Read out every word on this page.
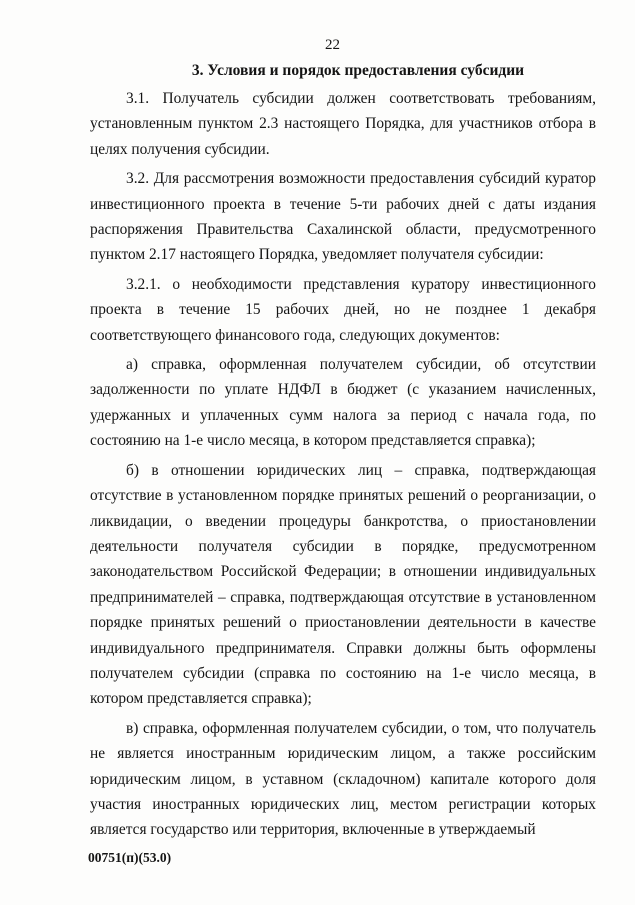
22
3. Условия и порядок предоставления субсидии

3.1. Получатель субсидии должен соответствовать требованиям, установленным пунктом 2.3 настоящего Порядка, для участников отбора в целях получения субсидии.

3.2. Для рассмотрения возможности предоставления субсидий куратор инвестиционного проекта в течение 5-ти рабочих дней с даты издания распоряжения Правительства Сахалинской области, предусмотренного пунктом 2.17 настоящего Порядка, уведомляет получателя субсидии:

3.2.1. о необходимости представления куратору инвестиционного проекта в течение 15 рабочих дней, но не позднее 1 декабря соответствующего финансового года, следующих документов:

а) справка, оформленная получателем субсидии, об отсутствии задолженности по уплате НДФЛ в бюджет (с указанием начисленных, удержанных и уплаченных сумм налога за период с начала года, по состоянию на 1-е число месяца, в котором представляется справка);

б) в отношении юридических лиц – справка, подтверждающая отсутствие в установленном порядке принятых решений о реорганизации, о ликвидации, о введении процедуры банкротства, о приостановлении деятельности получателя субсидии в порядке, предусмотренном законодательством Российской Федерации; в отношении индивидуальных предпринимателей – справка, подтверждающая отсутствие в установленном порядке принятых решений о приостановлении деятельности в качестве индивидуального предпринимателя. Справки должны быть оформлены получателем субсидии (справка по состоянию на 1-е число месяца, в котором представляется справка);

в) справка, оформленная получателем субсидии, о том, что получатель не является иностранным юридическим лицом, а также российским юридическим лицом, в уставном (складочном) капитале которого доля участия иностранных юридических лиц, местом регистрации которых является государство или территория, включенные в утверждаемый

00751(п)(53.0)
